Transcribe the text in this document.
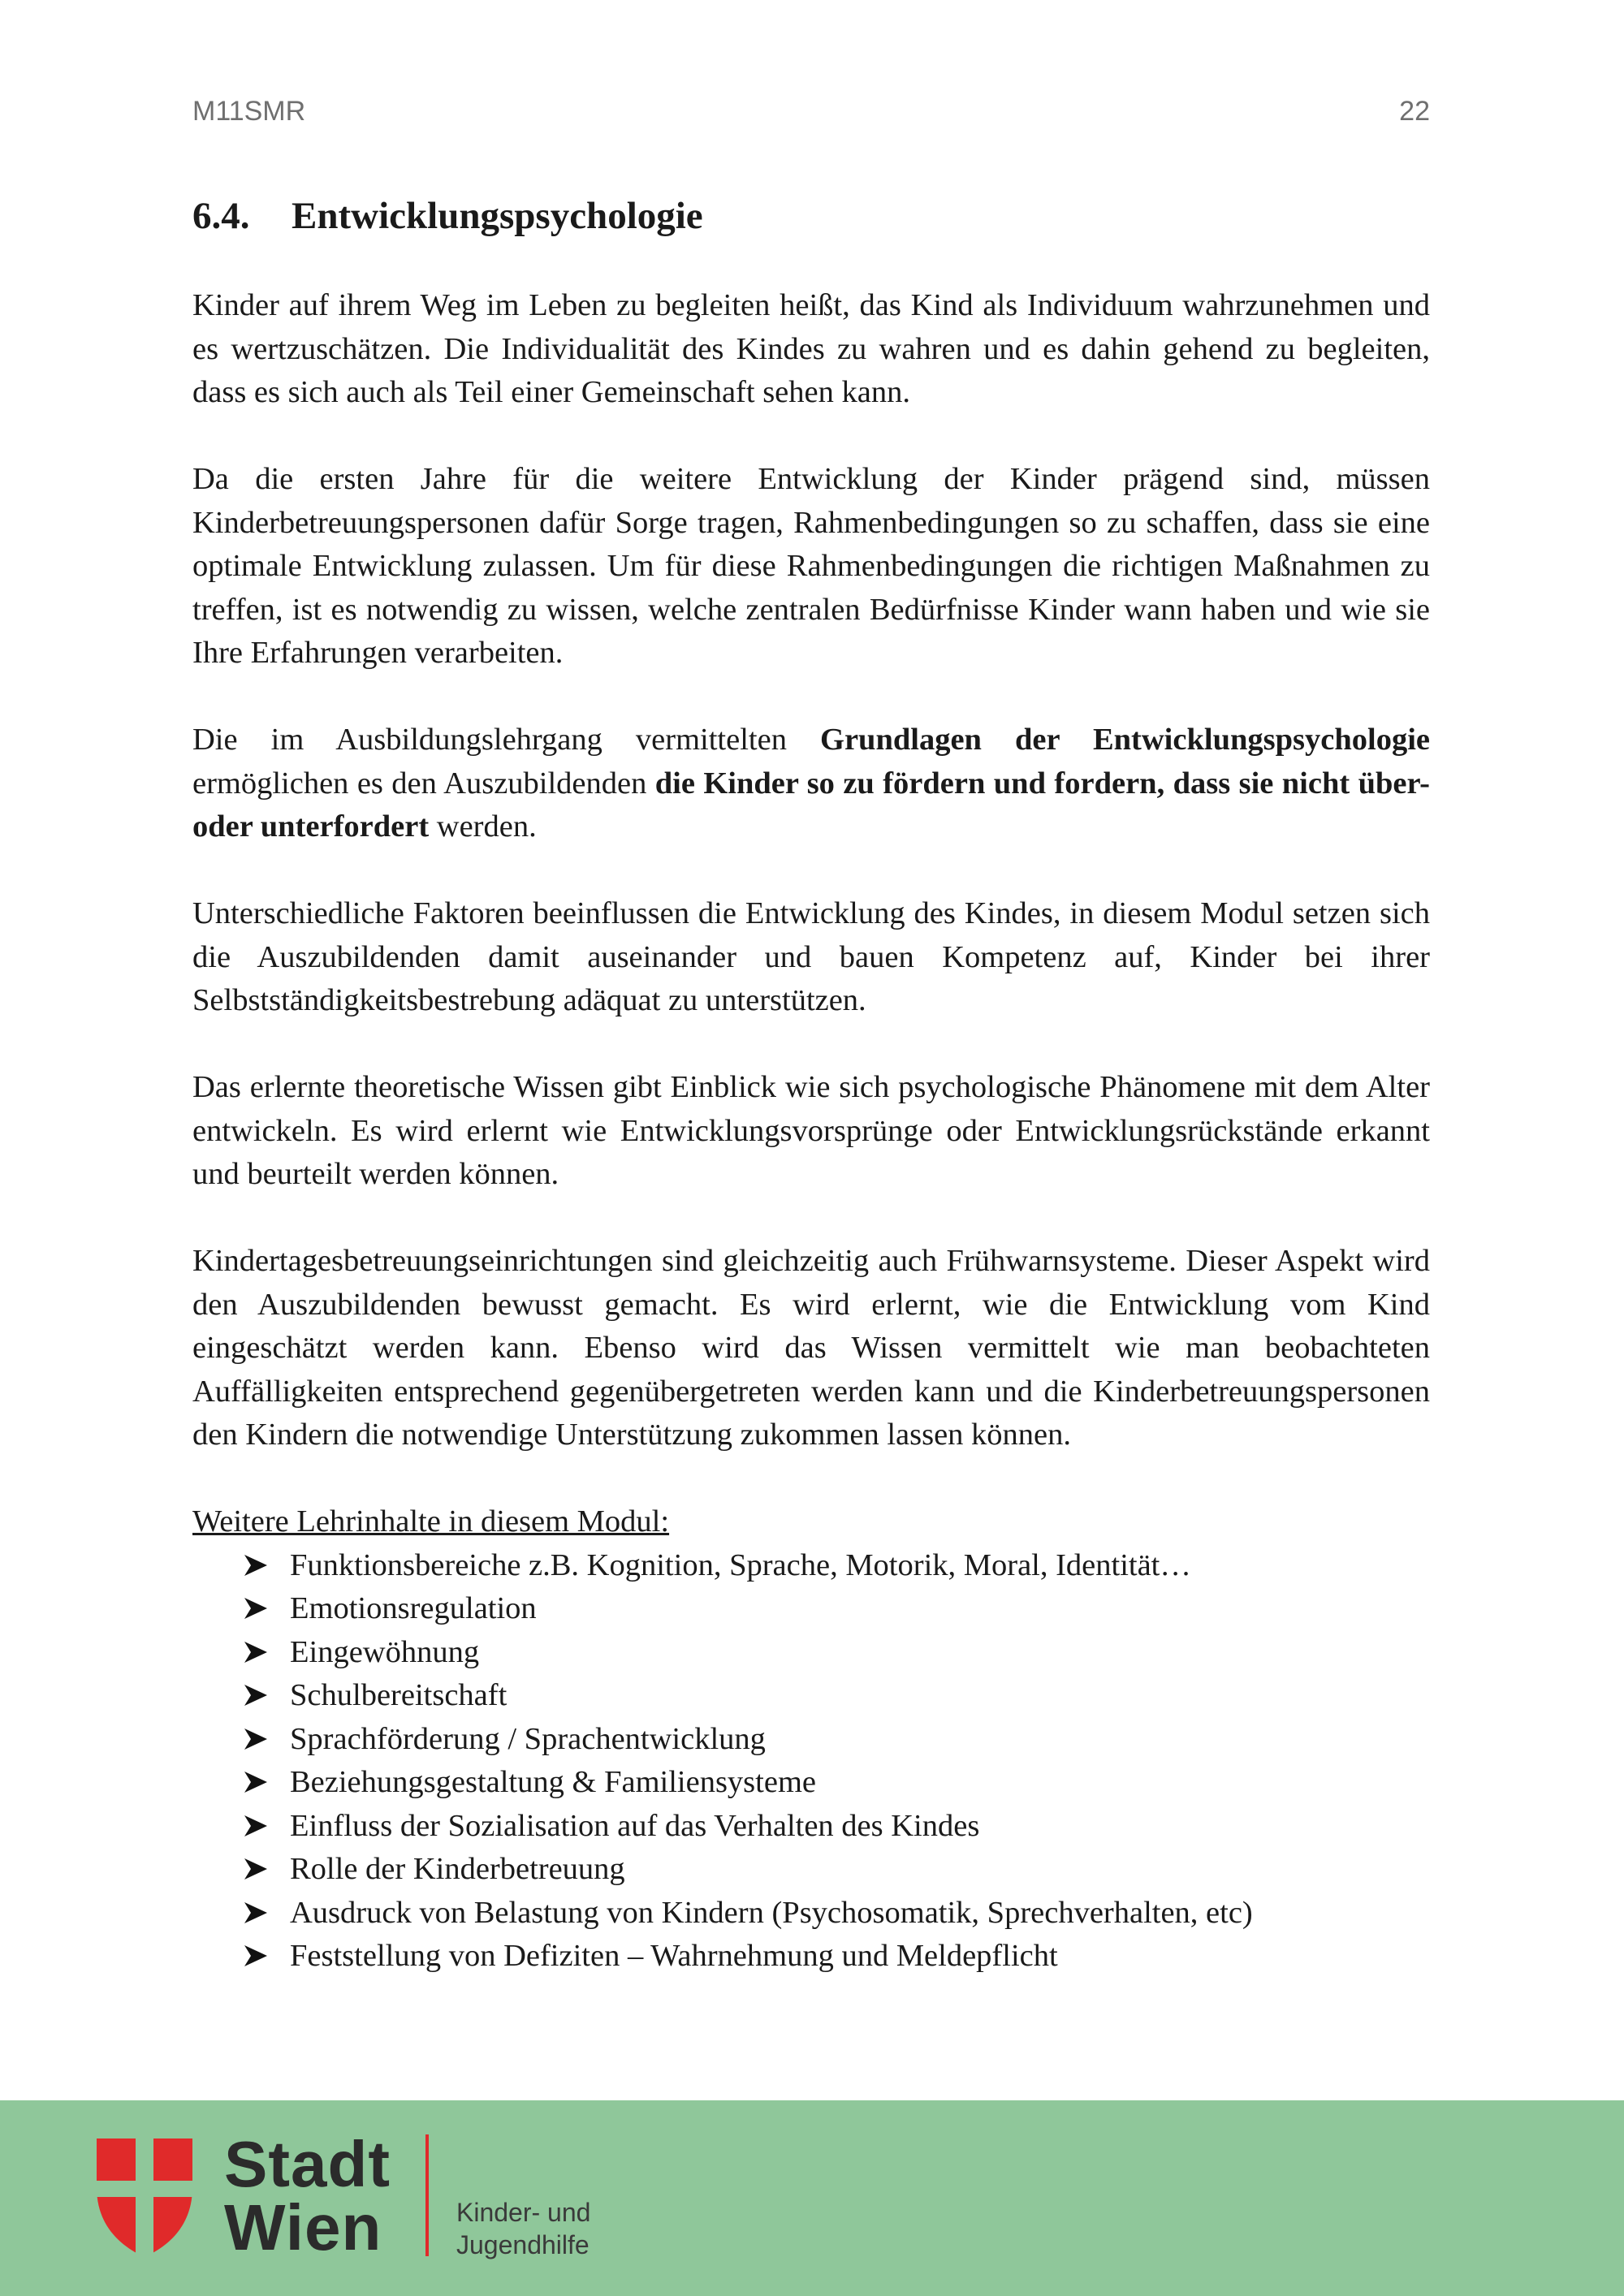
M11SMR	22
6.4. Entwicklungspsychologie

Kinder auf ihrem Weg im Leben zu begleiten heißt, das Kind als Individuum wahrzunehmen und es wertzuschätzen. Die Individualität des Kindes zu wahren und es dahin gehend zu begleiten, dass es sich auch als Teil einer Gemeinschaft sehen kann.

Da die ersten Jahre für die weitere Entwicklung der Kinder prägend sind, müssen Kinderbetreuungspersonen dafür Sorge tragen, Rahmenbedingungen so zu schaffen, dass sie eine optimale Entwicklung zulassen. Um für diese Rahmenbedingungen die richtigen Maßnahmen zu treffen, ist es notwendig zu wissen, welche zentralen Bedürfnisse Kinder wann haben und wie sie Ihre Erfahrungen verarbeiten.

Die im Ausbildungslehrgang vermittelten Grundlagen der Entwicklungspsychologie ermöglichen es den Auszubildenden die Kinder so zu fördern und fordern, dass sie nicht über- oder unterfordert werden.

Unterschiedliche Faktoren beeinflussen die Entwicklung des Kindes, in diesem Modul setzen sich die Auszubildenden damit auseinander und bauen Kompetenz auf, Kinder bei ihrer Selbstständigkeitsbestrebung adäquat zu unterstützen.

Das erlernte theoretische Wissen gibt Einblick wie sich psychologische Phänomene mit dem Alter entwickeln. Es wird erlernt wie Entwicklungsvorsprünge oder Entwicklungsrückstände erkannt und beurteilt werden können.

Kindertagesbetreuungseinrichtungen sind gleichzeitig auch Frühwarnsysteme. Dieser Aspekt wird den Auszubildenden bewusst gemacht. Es wird erlernt, wie die Entwicklung vom Kind eingeschätzt werden kann. Ebenso wird das Wissen vermittelt wie man beobachteten Auffälligkeiten entsprechend gegenübergetreten werden kann und die Kinderbetreuungspersonen den Kindern die notwendige Unterstützung zukommen lassen können.

Weitere Lehrinhalte in diesem Modul:
Funktionsbereiche z.B. Kognition, Sprache, Motorik, Moral, Identität…
Emotionsregulation
Eingewöhnung
Schulbereitschaft
Sprachförderung / Sprachentwicklung
Beziehungsgestaltung & Familiensysteme
Einfluss der Sozialisation auf das Verhalten des Kindes
Rolle der Kinderbetreuung
Ausdruck von Belastung von Kindern (Psychosomatik, Sprechverhalten, etc)
Feststellung von Defiziten – Wahrnehmung und Meldepflicht
Stadt
Wien	Kinder- und
Jugendhilfe
